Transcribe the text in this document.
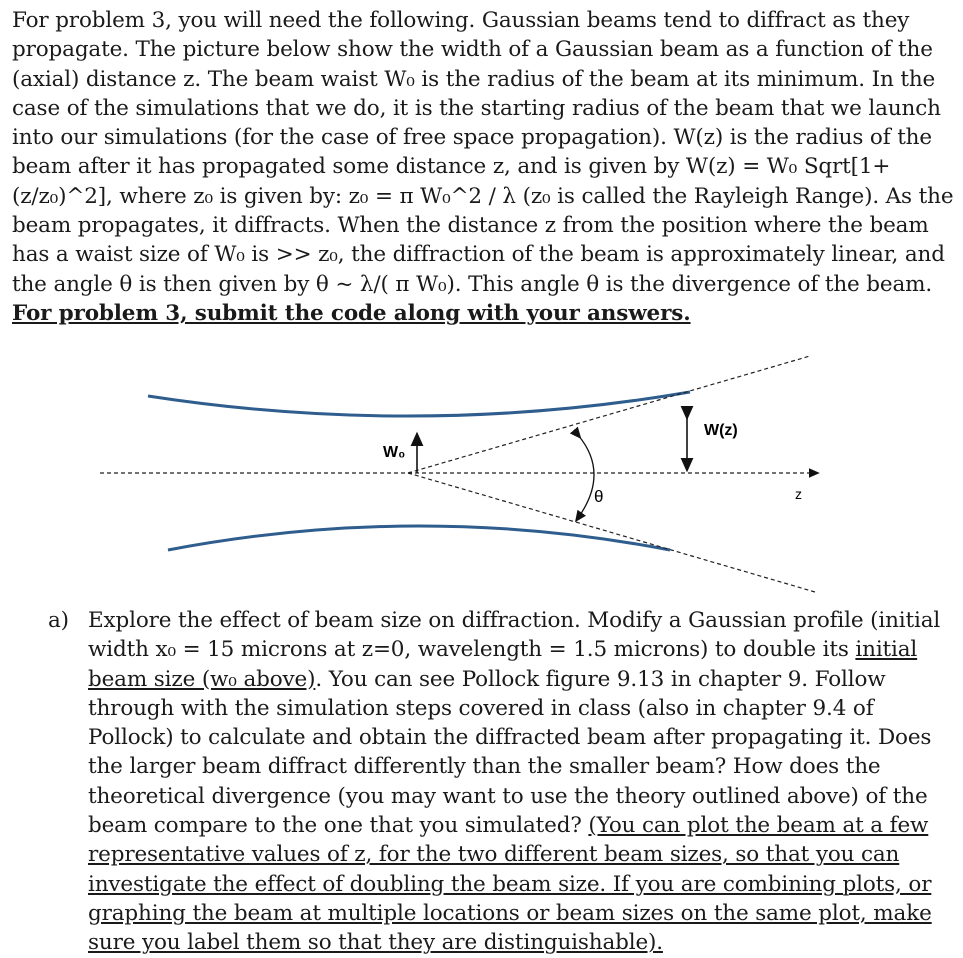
For problem 3, you will need the following. Gaussian beams tend to diffract as they propagate. The picture below show the width of a Gaussian beam as a function of the (axial) distance z. The beam waist W₀ is the radius of the beam at its minimum. In the case of the simulations that we do, it is the starting radius of the beam that we launch into our simulations (for the case of free space propagation). W(z) is the radius of the beam after it has propagated some distance z, and is given by W(z) = W₀ Sqrt[1+(z/z₀)^2], where z₀ is given by: z₀ = π W₀^2 / λ (z₀ is called the Rayleigh Range). As the beam propagates, it diffracts. When the distance z from the position where the beam has a waist size of W₀ is >> z₀, the diffraction of the beam is approximately linear, and the angle θ is then given by θ ~ λ/( π W₀). This angle θ is the divergence of the beam.

For problem 3, submit the code along with your answers.

W₀
W(z)
θ	z
a) Explore the effect of beam size on diffraction. Modify a Gaussian profile (initial width x₀ = 15 microns at z=0, wavelength = 1.5 microns) to double its initial beam size (w₀ above). You can see Pollock figure 9.13 in chapter 9. Follow through with the simulation steps covered in class (also in chapter 9.4 of Pollock) to calculate and obtain the diffracted beam after propagating it. Does the larger beam diffract differently than the smaller beam? How does the theoretical divergence (you may want to use the theory outlined above) of the beam compare to the one that you simulated? (You can plot the beam at a few representative values of z, for the two different beam sizes, so that you can investigate the effect of doubling the beam size. If you are combining plots, or graphing the beam at multiple locations or beam sizes on the same plot, make sure you label them so that they are distinguishable).
